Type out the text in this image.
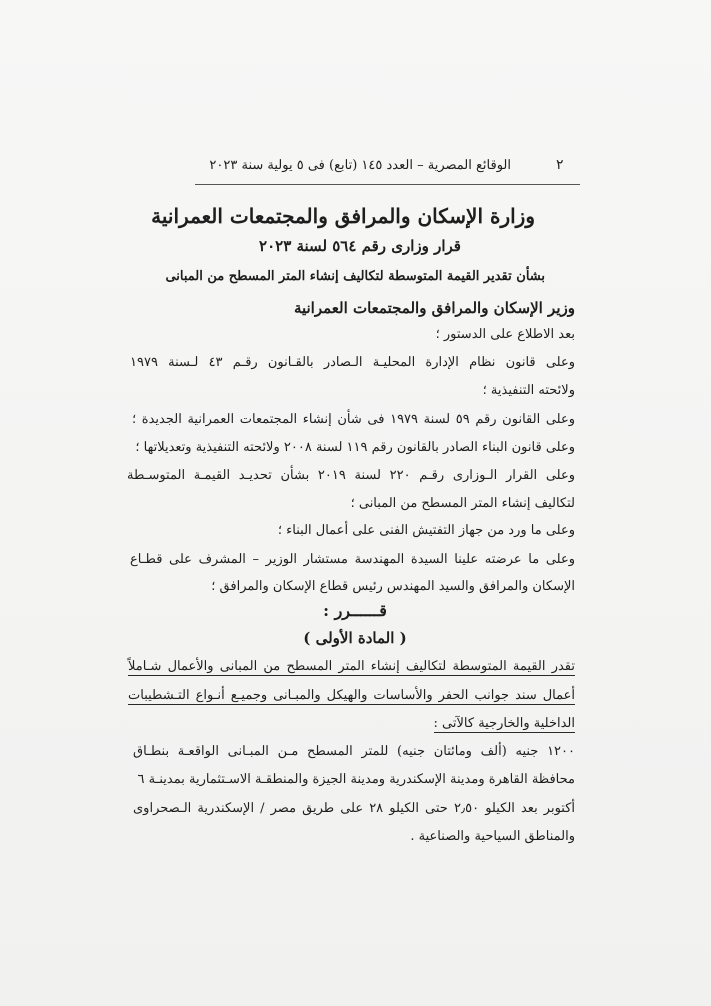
٢

الوقائع المصرية – العدد ١٤٥ (تابع) فى ٥ يولية سنة ٢٠٢٣

وزارة الإسكان والمرافق والمجتمعات العمرانية

قرار وزارى رقم ٥٦٤ لسنة ٢٠٢٣

بشأن تقدير القيمة المتوسطة لتكاليف إنشاء المتر المسطح من المبانى

وزير الإسكان والمرافق والمجتمعات العمرانية

بعد الاطلاع على الدستور ؛

وعلى قانون نظام الإدارة المحليـة الـصادر بالقـانون رقـم ٤٣ لـسنة ١٩٧٩

ولائحته التنفيذية ؛

وعلى القانون رقم ٥٩ لسنة ١٩٧٩ فى شأن إنشاء المجتمعات العمرانية الجديدة ؛

وعلى قانون البناء الصادر بالقانون رقم ١١٩ لسنة ٢٠٠٨ ولائحته التنفيذية وتعديلاتها ؛

وعلى القرار الـوزارى رقـم ٢٢٠ لسنة ٢٠١٩ بشأن تحديـد القيمـة المتوسـطة

لتكاليف إنشاء المتر المسطح من المبانى ؛

وعلى ما ورد من جهاز التفتيش الفنى على أعمال البناء ؛

وعلى ما عرضته علينا السيدة المهندسة مستشار الوزير – المشرف على قطـاع

الإسكان والمرافق والسيد المهندس رئيس قطاع الإسكان والمرافق ؛

قــــــرر :

( المادة الأولى )

تقدر القيمة المتوسطة لتكاليف إنشاء المتر المسطح من المبانى والأعمال شـاملاً

أعمال سند جوانب الحفر والأساسات والهيكل والمبـانى وجميـع أنـواع التـشطيبات

الداخلية والخارجية كالآتى :

١٢٠٠ جنيه (ألف ومائتان جنيه) للمتر المسطح مـن المبـانى الواقعـة بنطـاق

محافظة القاهرة ومدينة الإسكندرية ومدينة الجيزة والمنطقـة الاسـتثمارية بمدينـة ٦

أكتوبر بعد الكيلو ٢٫٥٠ حتى الكيلو ٢٨ على طريق مصر / الإسكندرية الـصحراوى

والمناطق السياحية والصناعية .
